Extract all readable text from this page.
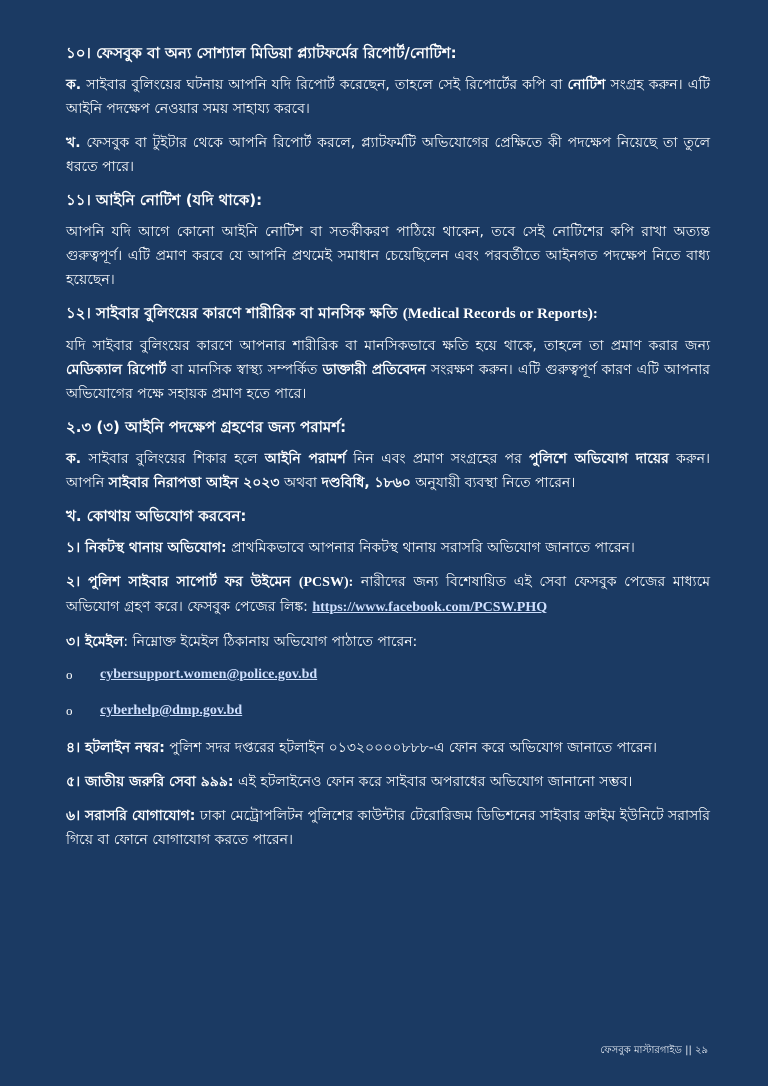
১০। ফেসবুক বা অন্য সোশ্যাল মিডিয়া প্ল্যাটফর্মের রিপোর্ট/নোটিশ:

ক. সাইবার বুলিংয়ের ঘটনায় আপনি যদি রিপোর্ট করেছেন, তাহলে সেই রিপোর্টের কপি বা নোটিশ সংগ্রহ করুন। এটি আইনি পদক্ষেপ নেওয়ার সময় সাহায্য করবে।

খ. ফেসবুক বা টুইটার থেকে আপনি রিপোর্ট করলে, প্ল্যাটফর্মটি অভিযোগের প্রেক্ষিতে কী পদক্ষেপ নিয়েছে তা তুলে ধরতে পারে।

১১। আইনি নোটিশ (যদি থাকে):

আপনি যদি আগে কোনো আইনি নোটিশ বা সতর্কীকরণ পাঠিয়ে থাকেন, তবে সেই নোটিশের কপি রাখা অত্যন্ত গুরুত্বপূর্ণ। এটি প্রমাণ করবে যে আপনি প্রথমেই সমাধান চেয়েছিলেন এবং পরবর্তীতে আইনগত পদক্ষেপ নিতে বাধ্য হয়েছেন।

১২। সাইবার বুলিংয়ের কারণে শারীরিক বা মানসিক ক্ষতি (Medical Records or Reports):

যদি সাইবার বুলিংয়ের কারণে আপনার শারীরিক বা মানসিকভাবে ক্ষতি হয়ে থাকে, তাহলে তা প্রমাণ করার জন্য মেডিক্যাল রিপোর্ট বা মানসিক স্বাস্থ্য সম্পর্কিত ডাক্তারী প্রতিবেদন সংরক্ষণ করুন। এটি গুরুত্বপূর্ণ কারণ এটি আপনার অভিযোগের পক্ষে সহায়ক প্রমাণ হতে পারে।

২.৩ (৩) আইনি পদক্ষেপ গ্রহণের জন্য পরামর্শ:

ক. সাইবার বুলিংয়ের শিকার হলে আইনি পরামর্শ নিন এবং প্রমাণ সংগ্রহের পর পুলিশে অভিযোগ দায়ের করুন। আপনি সাইবার নিরাপত্তা আইন ২০২৩ অথবা দণ্ডবিধি, ১৮৬০ অনুযায়ী ব্যবস্থা নিতে পারেন।

খ. কোথায় অভিযোগ করবেন:

১। নিকটস্থ থানায় অভিযোগ: প্রাথমিকভাবে আপনার নিকটস্থ থানায় সরাসরি অভিযোগ জানাতে পারেন।

২। পুলিশ সাইবার সাপোর্ট ফর উইমেন (PCSW): নারীদের জন্য বিশেষায়িত এই সেবা ফেসবুক পেজের মাধ্যমে অভিযোগ গ্রহণ করে। ফেসবুক পেজের লিঙ্ক: https://www.facebook.com/PCSW.PHQ

৩। ইমেইল: নিম্নোক্ত ইমেইল ঠিকানায় অভিযোগ পাঠাতে পারেন:

o	cybersupport.women@police.gov.bd
o	cyberhelp@dmp.gov.bd

৪। হটলাইন নম্বর: পুলিশ সদর দপ্তরের হটলাইন ০১৩২০০০০৮৮৮-এ ফোন করে অভিযোগ জানাতে পারেন।

৫। জাতীয় জরুরি সেবা ৯৯৯: এই হটলাইনেও ফোন করে সাইবার অপরাধের অভিযোগ জানানো সম্ভব।

৬। সরাসরি যোগাযোগ: ঢাকা মেট্রোপলিটন পুলিশের কাউন্টার টেরোরিজম ডিভিশনের সাইবার ক্রাইম ইউনিটে সরাসরি গিয়ে বা ফোনে যোগাযোগ করতে পারেন।

ফেসবুক মাস্টারগাইড || ২৯
